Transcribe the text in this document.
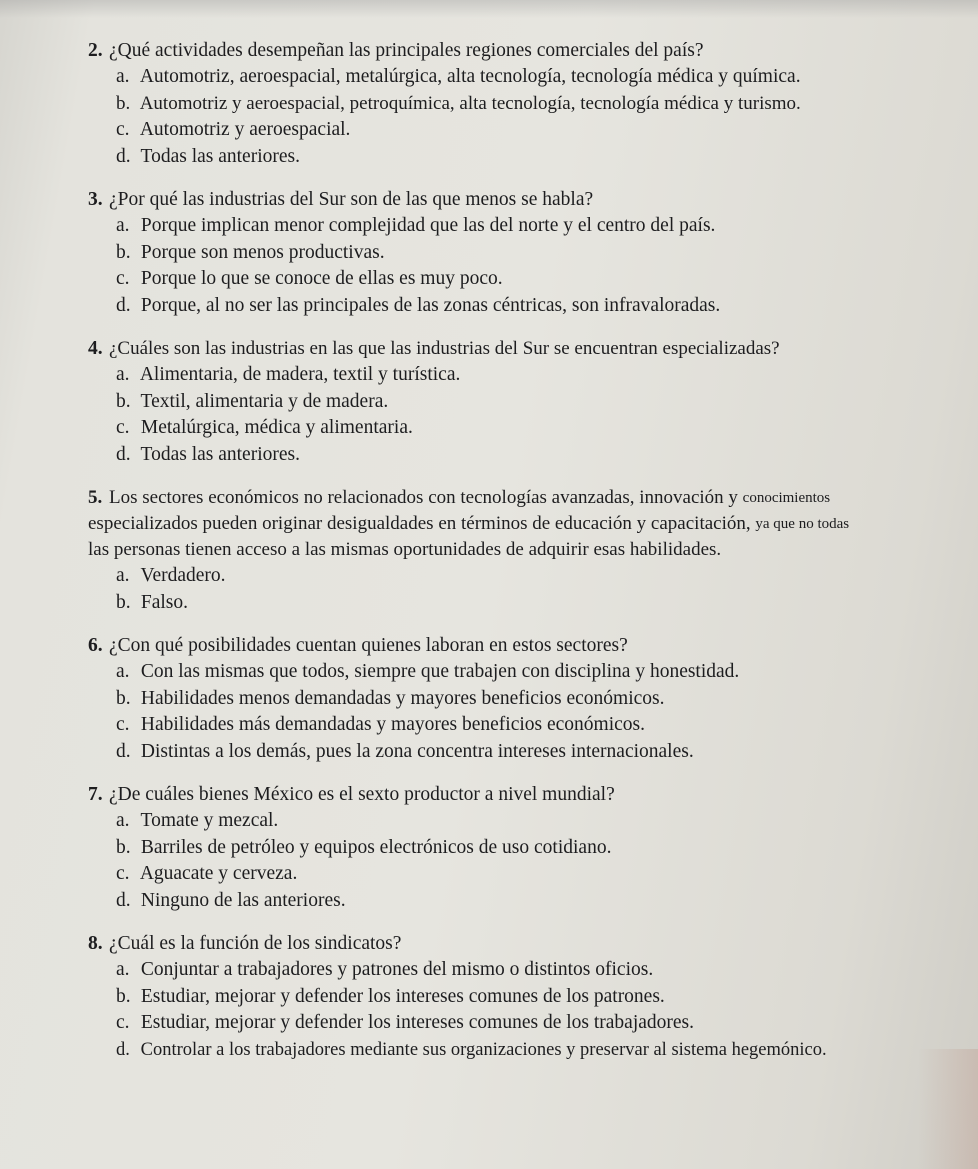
2. ¿Qué actividades desempeñan las principales regiones comerciales del país?
a. Automotriz, aeroespacial, metalúrgica, alta tecnología, tecnología médica y química.
b. Automotriz y aeroespacial, petroquímica, alta tecnología, tecnología médica y turismo.
c. Automotriz y aeroespacial.
d. Todas las anteriores.
3. ¿Por qué las industrias del Sur son de las que menos se habla?
a. Porque implican menor complejidad que las del norte y el centro del país.
b. Porque son menos productivas.
c. Porque lo que se conoce de ellas es muy poco.
d. Porque, al no ser las principales de las zonas céntricas, son infravaloradas.
4. ¿Cuáles son las industrias en las que las industrias del Sur se encuentran especializadas?
a. Alimentaria, de madera, textil y turística.
b. Textil, alimentaria y de madera.
c. Metalúrgica, médica y alimentaria.
d. Todas las anteriores.
5. Los sectores económicos no relacionados con tecnologías avanzadas, innovación y
conocimientos
especializados pueden originar desigualdades en términos de educación y capacitación,
ya que no todas
las personas tienen acceso a las mismas oportunidades de adquirir esas habilidades.
a. Verdadero.
b. Falso.
6. ¿Con qué posibilidades cuentan quienes laboran en estos sectores?
a. Con las mismas que todos, siempre que trabajen con disciplina y honestidad.
b. Habilidades menos demandadas y mayores beneficios económicos.
c. Habilidades más demandadas y mayores beneficios económicos.
d. Distintas a los demás, pues la zona concentra intereses internacionales.
7. ¿De cuáles bienes México es el sexto productor a nivel mundial?
a. Tomate y mezcal.
b. Barriles de petróleo y equipos electrónicos de uso cotidiano.
c. Aguacate y cerveza.
d. Ninguno de las anteriores.
8. ¿Cuál es la función de los sindicatos?
a. Conjuntar a trabajadores y patrones del mismo o distintos oficios.
b. Estudiar, mejorar y defender los intereses comunes de los patrones.
c. Estudiar, mejorar y defender los intereses comunes de los trabajadores.
d. Controlar a los trabajadores mediante sus organizaciones y preservar al sistema hegemónico.
